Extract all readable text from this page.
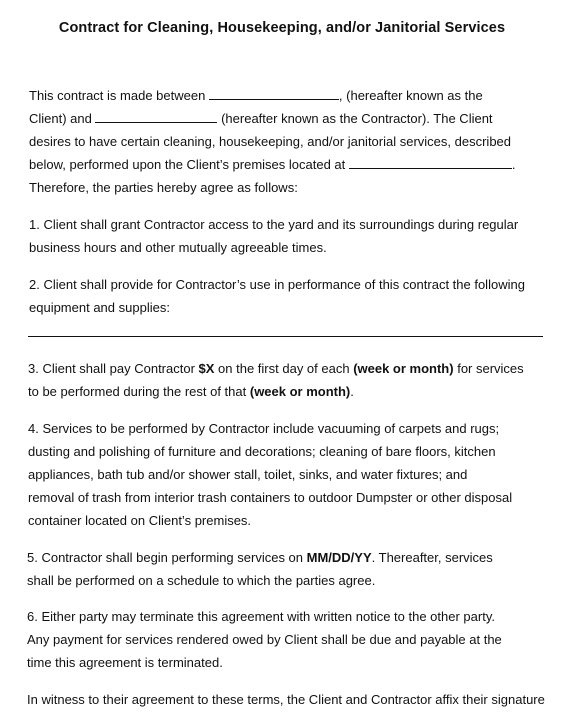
Contract for Cleaning, Housekeeping, and/or Janitorial Services
This contract is made between	, (hereafter known as the
Client) and	(hereafter known as the Contractor). The Client
desires to have certain cleaning, housekeeping, and/or janitorial services, described
below, performed upon the Client’s premises located at	.
Therefore, the parties hereby agree as follows:
1. Client shall grant Contractor access to the yard and its surroundings during regular
business hours and other mutually agreeable times.
2. Client shall provide for Contractor’s use in performance of this contract the following
equipment and supplies:
3. Client shall pay Contractor $X on the first day of each (week or month) for services
to be performed during the rest of that (week or month).
4. Services to be performed by Contractor include vacuuming of carpets and rugs;
dusting and polishing of furniture and decorations; cleaning of bare floors, kitchen
appliances, bath tub and/or shower stall, toilet, sinks, and water fixtures; and
removal of trash from interior trash containers to outdoor Dumpster or other disposal
container located on Client’s premises.
5. Contractor shall begin performing services on MM/DD/YY. Thereafter, services
shall be performed on a schedule to which the parties agree.
6. Either party may terminate this agreement with written notice to the other party.
Any payment for services rendered owed by Client shall be due and payable at the
time this agreement is terminated.
In witness to their agreement to these terms, the Client and Contractor affix their signature
